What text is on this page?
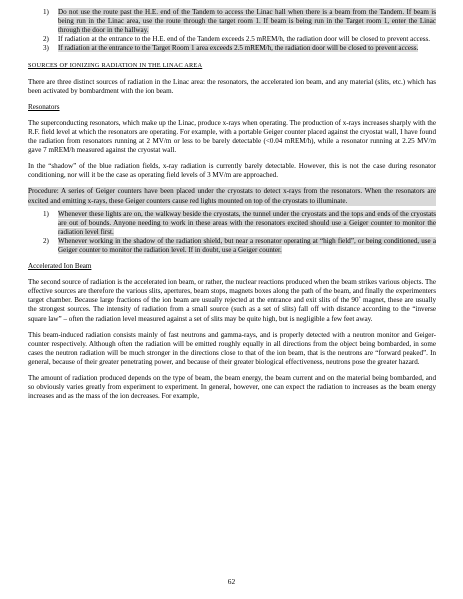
1) Do not use the route past the H.E. end of the Tandem to access the Linac hall when there is a beam from the Tandem. If beam is being run in the Linac area, use the route through the target room 1. If beam is being run in the Target room 1, enter the Linac through the door in the hallway.
2) If radiation at the entrance to the H.E. end of the Tandem exceeds 2.5 mREM/h, the radiation door will be closed to prevent access.
3) If radiation at the entrance to the Target Room 1 area exceeds 2.5 mREM/h, the radiation door will be closed to prevent access.

SOURCES OF IONIZING RADIATION IN THE LINAC AREA

There are three distinct sources of radiation in the Linac area: the resonators, the accelerated ion beam, and any material (slits, etc.) which has been activated by bombardment with the ion beam.

Resonators

The superconducting resonators, which make up the Linac, produce x-rays when operating. The production of x-rays increases sharply with the R.F. field level at which the resonators are operating. For example, with a portable Geiger counter placed against the cryostat wall, I have found the radiation from resonators running at 2 MV/m or less to be barely detectable (<0.04 mREM/h), while a resonator running at 2.25 MV/m gave 7 mREM/h measured against the cryostat wall.

In the “shadow” of the blue radiation fields, x-ray radiation is currently barely detectable. However, this is not the case during resonator conditioning, nor will it be the case as operating field levels of 3 MV/m are approached.

Procedure: A series of Geiger counters have been placed under the cryostats to detect x-rays from the resonators. When the resonators are excited and emitting x-rays, these Geiger counters cause red lights mounted on top of the cryostats to illuminate.

1) Whenever these lights are on, the walkway beside the cryostats, the tunnel under the cryostats and the tops and ends of the cryostats are out of bounds. Anyone needing to work in these areas with the resonators excited should use a Geiger counter to monitor the radiation level first.
2) Whenever working in the shadow of the radiation shield, but near a resonator operating at “high field”, or being conditioned, use a Geiger counter to monitor the radiation level. If in doubt, use a Geiger counter.

Accelerated Ion Beam

The second source of radiation is the accelerated ion beam, or rather, the nuclear reactions produced when the beam strikes various objects. The effective sources are therefore the various slits, apertures, beam stops, magnets boxes along the path of the beam, and finally the experimenters target chamber. Because large fractions of the ion beam are usually rejected at the entrance and exit slits of the 90˚ magnet, these are usually the strongest sources. The intensity of radiation from a small source (such as a set of slits) fall off with distance according to the “inverse square law” – often the radiation level measured against a set of slits may be quite high, but is negligible a few feet away.

This beam-induced radiation consists mainly of fast neutrons and gamma-rays, and is properly detected with a neutron monitor and Geiger-counter respectively. Although often the radiation will be emitted roughly equally in all directions from the object being bombarded, in some cases the neutron radiation will be much stronger in the directions close to that of the ion beam, that is the neutrons are “forward peaked”. In general, because of their greater penetrating power, and because of their greater biological effectiveness, neutrons pose the greater hazard.

The amount of radiation produced depends on the type of beam, the beam energy, the beam current and on the material being bombarded, and so obviously varies greatly from experiment to experiment. In general, however, one can expect the radiation to increases as the beam energy increases and as the mass of the ion decreases. For example,

62
